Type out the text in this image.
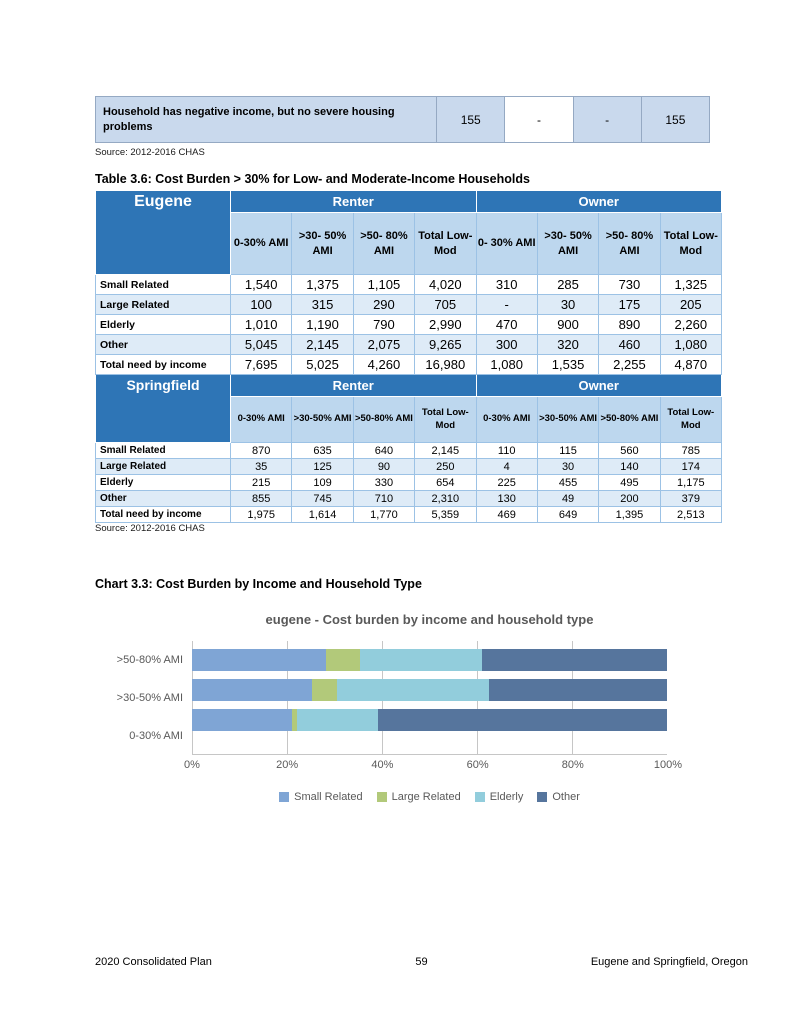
Household has negative income, but no severe housing problems	155	-	-	155
Source: 2012-2016 CHAS
Table 3.6: Cost Burden > 30% for Low- and Moderate-Income Households
Eugene	Renter				Owner			
	0-30% AMI	>30- 50% AMI	>50- 80% AMI	Total Low- Mod	0- 30% AMI	>30- 50% AMI	>50- 80% AMI	Total Low- Mod
Small Related	1,540	1,375	1,105	4,020	310	285	730	1,325
Large Related	100	315	290	705	-	30	175	205
Elderly	1,010	1,190	790	2,990	470	900	890	2,260
Other	5,045	2,145	2,075	9,265	300	320	460	1,080
Total need by income	7,695	5,025	4,260	16,980	1,080	1,535	2,255	4,870
Springfield	Renter				Owner			
	0-30% AMI	>30-50% AMI	>50-80% AMI	Total Low-Mod	0-30% AMI	>30-50% AMI	>50-80% AMI	Total Low- Mod
Small Related	870	635	640	2,145	110	115	560	785
Large Related	35	125	90	250	4	30	140	174
Elderly	215	109	330	654	225	455	495	1,175
Other	855	745	710	2,310	130	49	200	379
Total need by income	1,975	1,614	1,770	5,359	469	649	1,395	2,513
Source: 2012-2016 CHAS
Chart 3.3: Cost Burden by Income and Household Type
eugene - Cost burden by income and household type
>50-80% AMI
>30-50% AMI
0-30% AMI
0%	20%	40%	60%	80%	100%
Small Related	Large Related	Elderly	Other
2020 Consolidated Plan	59	Eugene and Springfield, Oregon
